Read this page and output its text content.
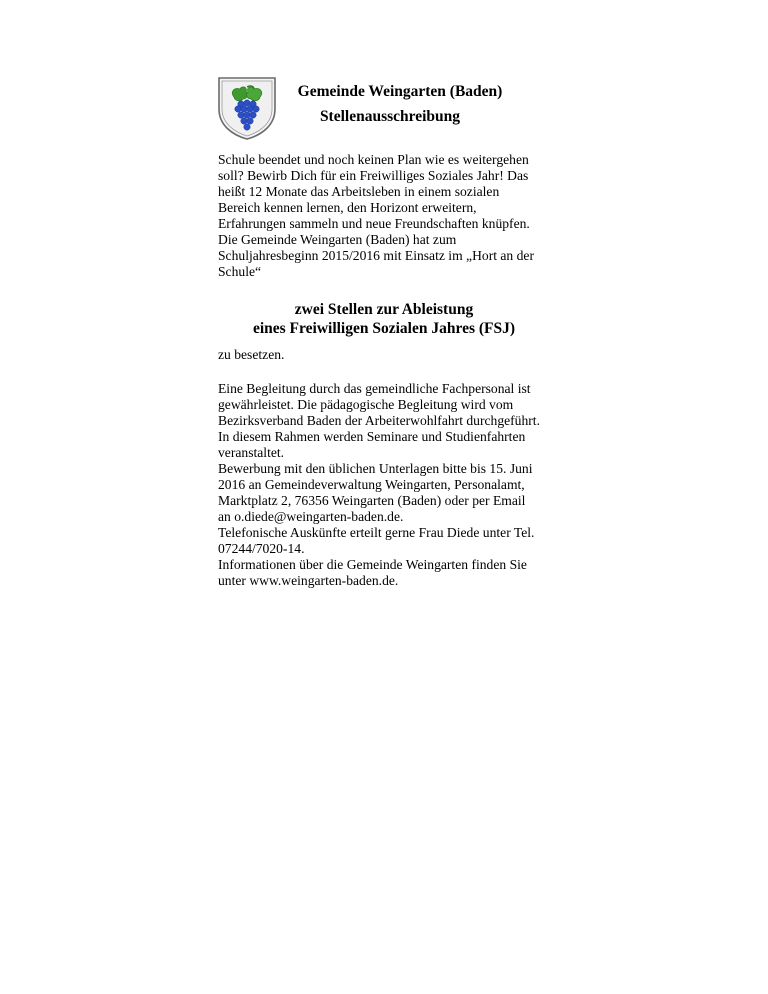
Gemeinde Weingarten (Baden)
Stellenausschreibung

Schule beendet und noch keinen Plan wie es weitergehen soll? Bewirb Dich für ein Freiwilliges Soziales Jahr! Das heißt 12 Monate das Arbeitsleben in einem sozialen Bereich kennen lernen, den Horizont erweitern, Erfahrungen sammeln und neue Freundschaften knüpfen.

Die Gemeinde Weingarten (Baden) hat zum Schuljahresbeginn 2015/2016 mit Einsatz im „Hort an der Schule“

zwei Stellen zur Ableistung
eines Freiwilligen Sozialen Jahres (FSJ)
zu besetzen.

Eine Begleitung durch das gemeindliche Fachpersonal ist gewährleistet. Die pädagogische Begleitung wird vom Bezirksverband Baden der Arbeiterwohlfahrt durchgeführt. In diesem Rahmen werden Seminare und Studienfahrten veranstaltet.

Bewerbung mit den üblichen Unterlagen bitte bis 15. Juni 2016 an Gemeindeverwaltung Weingarten, Personalamt, Marktplatz 2, 76356 Weingarten (Baden) oder per Email an o.diede@weingarten-baden.de.

Telefonische Auskünfte erteilt gerne Frau Diede unter Tel. 07244/7020-14.

Informationen über die Gemeinde Weingarten finden Sie unter www.weingarten-baden.de.
